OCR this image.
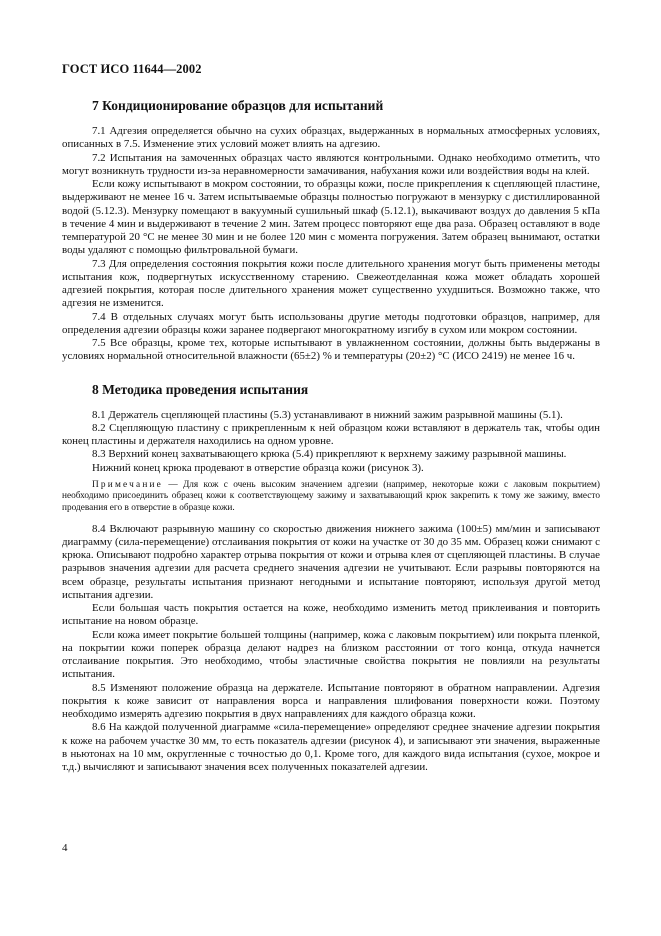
ГОСТ ИСО 11644—2002
7 Кондиционирование образцов для испытаний

7.1 Адгезия определяется обычно на сухих образцах, выдержанных в нормальных атмосферных условиях, описанных в 7.5. Изменение этих условий может влиять на адгезию.

7.2 Испытания на замоченных образцах часто являются контрольными. Однако необходимо отметить, что могут возникнуть трудности из-за неравномерности замачивания, набухания кожи или воздействия воды на клей.

Если кожу испытывают в мокром состоянии, то образцы кожи, после прикрепления к сцепляющей пластине, выдерживают не менее 16 ч. Затем испытываемые образцы полностью погружают в мензурку с дистиллированной водой (5.12.3). Мензурку помещают в вакуумный сушильный шкаф (5.12.1), выкачивают воздух до давления 5 кПа в течение 4 мин и выдерживают в течение 2 мин. Затем процесс повторяют еще два раза. Образец оставляют в воде температурой 20 °С не менее 30 мин и не более 120 мин с момента погружения. Затем образец вынимают, остатки воды удаляют с помощью фильтровальной бумаги.

7.3 Для определения состояния покрытия кожи после длительного хранения могут быть применены методы испытания кож, подвергнутых искусственному старению. Свежеотделанная кожа может обладать хорошей адгезией покрытия, которая после длительного хранения может существенно ухудшиться. Возможно также, что адгезия не изменится.

7.4 В отдельных случаях могут быть использованы другие методы подготовки образцов, например, для определения адгезии образцы кожи заранее подвергают многократному изгибу в сухом или мокром состоянии.

7.5 Все образцы, кроме тех, которые испытывают в увлажненном состоянии, должны быть выдержаны в условиях нормальной относительной влажности (65±2) % и температуры (20±2) °С (ИСО 2419) не менее 16 ч.

8 Методика проведения испытания

8.1 Держатель сцепляющей пластины (5.3) устанавливают в нижний зажим разрывной машины (5.1).

8.2 Сцепляющую пластину с прикрепленным к ней образцом кожи вставляют в держатель так, чтобы один конец пластины и держателя находились на одном уровне.

8.3 Верхний конец захватывающего крюка (5.4) прикрепляют к верхнему зажиму разрывной машины.

Нижний конец крюка продевают в отверстие образца кожи (рисунок 3).

Примечание — Для кож с очень высоким значением адгезии (например, некоторые кожи с лаковым покрытием) необходимо присоединить образец кожи к соответствующему зажиму и захватывающий крюк закрепить к тому же зажиму, вместо продевания его в отверстие в образце кожи.

8.4 Включают разрывную машину со скоростью движения нижнего зажима (100±5) мм/мин и записывают диаграмму (сила-перемещение) отслаивания покрытия от кожи на участке от 30 до 35 мм. Образец кожи снимают с крюка. Описывают подробно характер отрыва покрытия от кожи и отрыва клея от сцепляющей пластины. В случае разрывов значения адгезии для расчета среднего значения адгезии не учитывают. Если разрывы повторяются на всем образце, результаты испытания признают негодными и испытание повторяют, используя другой метод испытания адгезии.

Если большая часть покрытия остается на коже, необходимо изменить метод приклеивания и повторить испытание на новом образце.

Если кожа имеет покрытие большей толщины (например, кожа с лаковым покрытием) или покрыта пленкой, на покрытии кожи поперек образца делают надрез на близком расстоянии от того конца, откуда начнется отслаивание покрытия. Это необходимо, чтобы эластичные свойства покрытия не повлияли на результаты испытания.

8.5 Изменяют положение образца на держателе. Испытание повторяют в обратном направлении. Адгезия покрытия к коже зависит от направления ворса и направления шлифования поверхности кожи. Поэтому необходимо измерять адгезию покрытия в двух направлениях для каждого образца кожи.

8.6 На каждой полученной диаграмме «сила-перемещение» определяют среднее значение адгезии покрытия к коже на рабочем участке 30 мм, то есть показатель адгезии (рисунок 4), и записывают эти значения, выраженные в ньютонах на 10 мм, округленные с точностью до 0,1. Кроме того, для каждого вида испытания (сухое, мокрое и т.д.) вычисляют и записывают значения всех полученных показателей адгезии.

4
